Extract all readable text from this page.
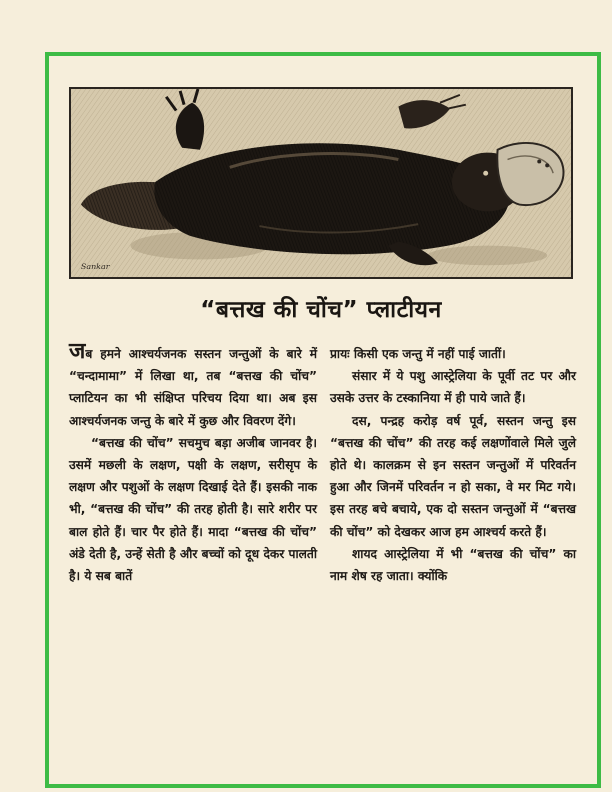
Sankar
“बत्तख की चोंच” प्लाटीयन

जब हमने आश्चर्यजनक सस्तन जन्तुओं के बारे में “चन्दामामा” में लिखा था, तब “बत्तख की चोंच” प्लाटियन का भी संक्षिप्त परिचय दिया था। अब इस आश्चर्यजनक जन्तु के बारे में कुछ और विवरण देंगे।

“बत्तख की चोंच” सचमुच बड़ा अजीब जानवर है। उसमें मछली के लक्षण, पक्षी के लक्षण, सरीसृप के लक्षण और पशुओं के लक्षण दिखाई देते हैं। इसकी नाक भी, “बत्तख की चोंच” की तरह होती है। सारे शरीर पर बाल होते हैं। चार पैर होते हैं। मादा “बत्तख की चोंच” अंडे देती है, उन्हें सेती है और बच्चों को दूध देकर पालती है। ये सब बातें

प्रायः किसी एक जन्तु में नहीं पाई जातीं।

संसार में ये पशु आस्ट्रेलिया के पूर्वी तट पर और उसके उत्तर के टस्कानिया में ही पाये जाते हैं।

दस, पन्द्रह करोड़ वर्ष पूर्व, सस्तन जन्तु इस “बत्तख की चोंच” की तरह कई लक्षणोंवाले मिले जुले होते थे। कालक्रम से इन सस्तन जन्तुओं में परिवर्तन हुआ और जिनमें परिवर्तन न हो सका, वे मर मिट गये। इस तरह बचे बचाये, एक दो सस्तन जन्तुओं में “बत्तख की चोंच” को देखकर आज हम आश्चर्य करते हैं।

शायद आस्ट्रेलिया में भी “बत्तख की चोंच” का नाम शेष रह जाता। क्योंकि
